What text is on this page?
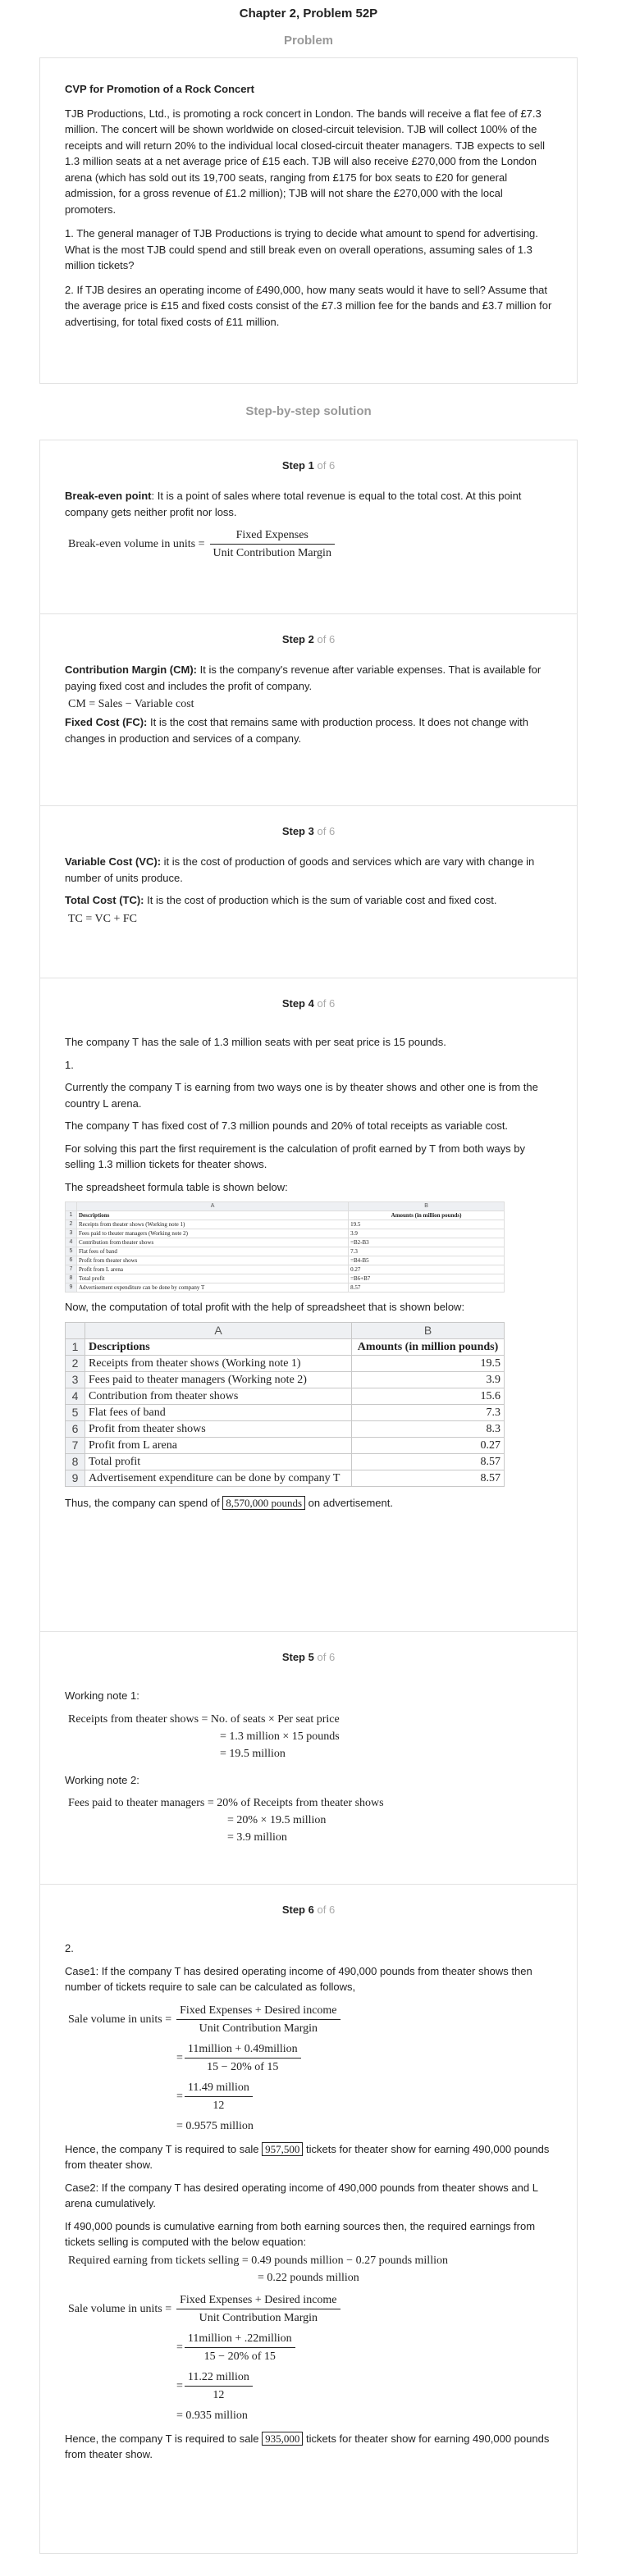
Chapter 2, Problem 52P
Problem
CVP for Promotion of a Rock Concert

TJB Productions, Ltd., is promoting a rock concert in London. The bands will receive a flat fee of £7.3 million. The concert will be shown worldwide on closed-circuit television. TJB will collect 100% of the receipts and will return 20% to the individual local closed-circuit theater managers. TJB expects to sell 1.3 million seats at a net average price of £15 each. TJB will also receive £270,000 from the London arena (which has sold out its 19,700 seats, ranging from £175 for box seats to £20 for general admission, for a gross revenue of £1.2 million); TJB will not share the £270,000 with the local promoters.

1. The general manager of TJB Productions is trying to decide what amount to spend for advertising. What is the most TJB could spend and still break even on overall operations, assuming sales of 1.3 million tickets?

2. If TJB desires an operating income of £490,000, how many seats would it have to sell? Assume that the average price is £15 and fixed costs consist of the £7.3 million fee for the bands and £3.7 million for advertising, for total fixed costs of £11 million.

Step-by-step solution
Step 1 of 6

Break-even point: It is a point of sales where total revenue is equal to the total cost. At this point company gets neither profit nor loss.

Break-even volume in units = $\frac{\text{Fixed Expenses}}{\text{Unit Contribution Margin}}$
Step 2 of 6

Contribution Margin (CM): It is the company's revenue after variable expenses. That is available for paying fixed cost and includes the profit of company.

CM = Sales − Variable cost

Fixed Cost (FC): It is the cost that remains same with production process. It does not change with changes in production and services of a company.

Step 3 of 6

Variable Cost (VC): it is the cost of production of goods and services which are vary with change in number of units produce.

Total Cost (TC): It is the cost of production which is the sum of variable cost and fixed cost.

TC = VC + FC

Step 4 of 6

The company T has the sale of 1.3 million seats with per seat price is 15 pounds.

1.

Currently the company T is earning from two ways one is by theater shows and other one is from the country L arena.

The company T has fixed cost of 7.3 million pounds and 20% of total receipts as variable cost.

For solving this part the first requirement is the calculation of profit earned by T from both ways by selling 1.3 million tickets for theater shows.

The spreadsheet formula table is shown below:

	A	B
1	Descriptions	Amounts (in million pounds)
2	Receipts from theater shows (Working note 1)	19.5
3	Fees paid to theater managers (Working note 2)	3.9
4	Contribution from theater shows	=B2-B3
5	Flat fees of band	7.3
6	Profit from theater shows	=B4-B5
7	Profit from L arena	0.27
8	Total profit	=B6+B7
9	Advertisement expenditure can be done by company T	8.57

Now, the computation of total profit with the help of spreadsheet that is shown below:

	A	B
1	Descriptions	Amounts (in million pounds)
2	Receipts from theater shows (Working note 1)	19.5
3	Fees paid to theater managers (Working note 2)	3.9
4	Contribution from theater shows	15.6
5	Flat fees of band	7.3
6	Profit from theater shows	8.3
7	Profit from L arena	0.27
8	Total profit	8.57
9	Advertisement expenditure can be done by company T	8.57

Thus, the company can spend of 8,570,000 pounds on advertisement.

Step 5 of 6

Working note 1:

Receipts from theater shows = No. of seats × Per seat price
= 1.3 million × 15 pounds
= 19.5 million

Working note 2:

Fees paid to theater managers = 20% of Receipts from theater shows
= 20% × 19.5 million
= 3.9 million
Step 6 of 6

2.

Case1: If the company T has desired operating income of 490,000 pounds from theater shows then number of tickets require to sale can be calculated as follows,

Sale volume in units = $\frac{\text{Fixed Expenses + Desired income}}{\text{Unit Contribution Margin}}$
= $\frac{\text{11million + 0.49million}}{15 - 20\% of 15}$
= $\frac{\text{11.49 million}}{12}$
= 0.9575 million

Hence, the company T is required to sale 957,500 tickets for theater show for earning 490,000 pounds from theater show.

Case2: If the company T has desired operating income of 490,000 pounds from theater shows and L arena cumulatively.

If 490,000 pounds is cumulative earning from both earning sources then, the required earnings from tickets selling is computed with the below equation:

Required earning from tickets selling = 0.49 pounds million − 0.27 pounds million
= 0.22 pounds million
Sale volume in units = $\frac{\text{Fixed Expenses + Desired income}}{\text{Unit Contribution Margin}}$
= $\frac{\text{11million + .22million}}{15 - 20\% of 15}$
= $\frac{\text{11.22 million}}{12}$
= 0.935 million

Hence, the company T is required to sale 935,000 tickets for theater show for earning 490,000 pounds from theater show.
